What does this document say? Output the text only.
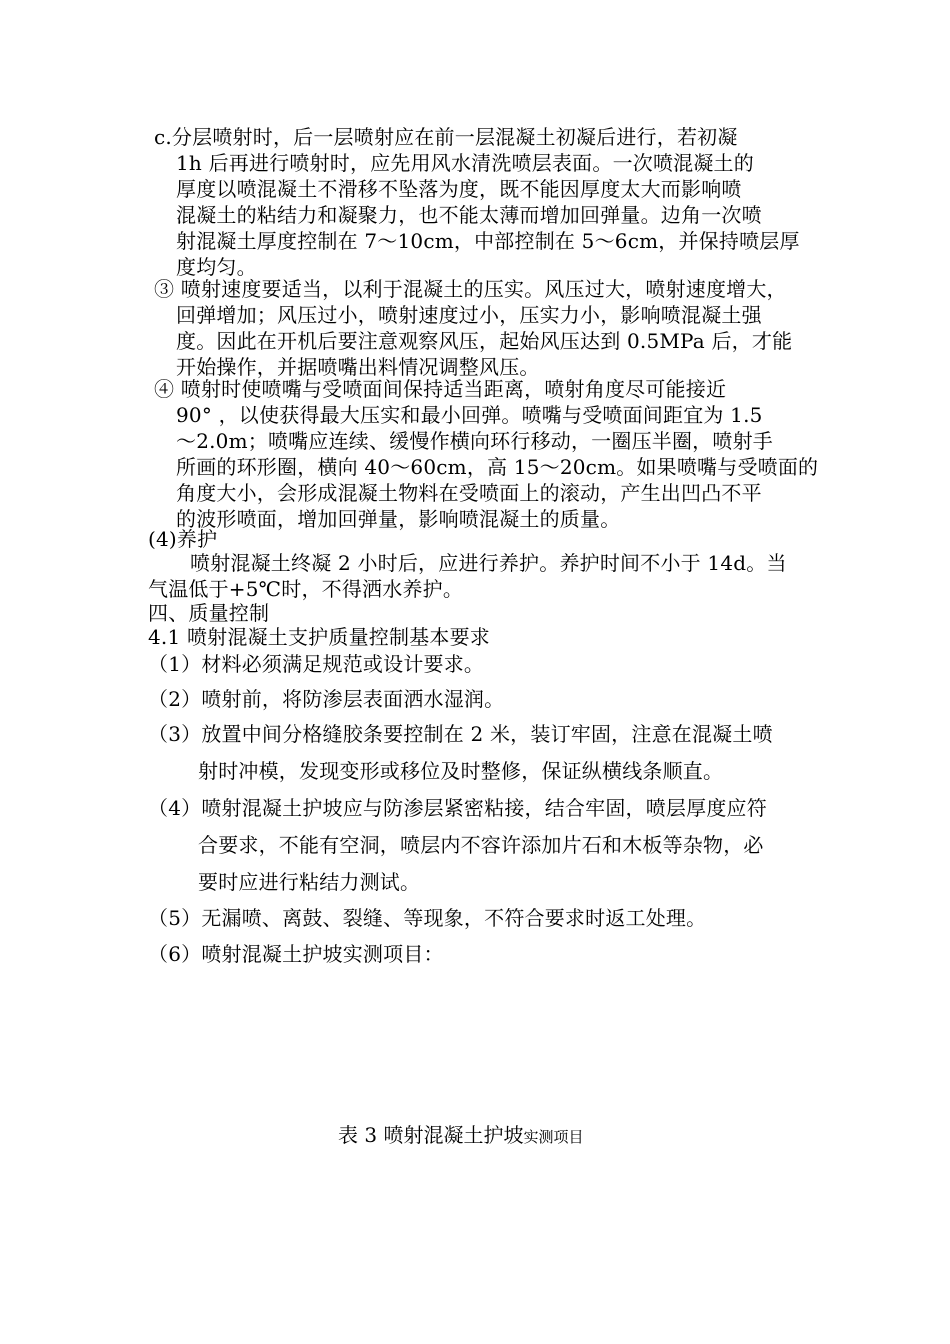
c.分层喷射时，后一层喷射应在前一层混凝土初凝后进行，若初凝
1h 后再进行喷射时，应先用风水清洗喷层表面。一次喷混凝土的
厚度以喷混凝土不滑移不坠落为度，既不能因厚度太大而影响喷
混凝土的粘结力和凝聚力，也不能太薄而增加回弹量。边角一次喷
射混凝土厚度控制在 7～10cm，中部控制在 5～6cm，并保持喷层厚
度均匀。
③ 喷射速度要适当，以利于混凝土的压实。风压过大，喷射速度增大，
回弹增加；风压过小，喷射速度过小，压实力小，影响喷混凝土强
度。因此在开机后要注意观察风压，起始风压达到 0.5MPa 后，才能
开始操作，并据喷嘴出料情况调整风压。
④ 喷射时使喷嘴与受喷面间保持适当距离，喷射角度尽可能接近
90° ，以使获得最大压实和最小回弹。喷嘴与受喷面间距宜为 1.5
～2.0m；喷嘴应连续、缓慢作横向环行移动，一圈压半圈，喷射手
所画的环形圈，横向 40～60cm，高 15～20cm。如果喷嘴与受喷面的
角度大小，会形成混凝土物料在受喷面上的滚动，产生出凹凸不平
的波形喷面，增加回弹量，影响喷混凝土的质量。
(4)养护
喷射混凝土终凝 2 小时后，应进行养护。养护时间不小于 14d。当
气温低于+5℃时，不得洒水养护。
四、质量控制
4.1 喷射混凝土支护质量控制基本要求
（1）材料必须满足规范或设计要求。
（2）喷射前，将防渗层表面洒水湿润。
（3）放置中间分格缝胶条要控制在 2 米，装订牢固，注意在混凝土喷
射时冲模，发现变形或移位及时整修，保证纵横线条顺直。
（4）喷射混凝土护坡应与防渗层紧密粘接，结合牢固，喷层厚度应符
合要求，不能有空洞，喷层内不容许添加片石和木板等杂物，必
要时应进行粘结力测试。
（5）无漏喷、离鼓、裂缝、等现象，不符合要求时返工处理。
（6）喷射混凝土护坡实测项目：
表 3 喷射混凝土护坡实测项目
